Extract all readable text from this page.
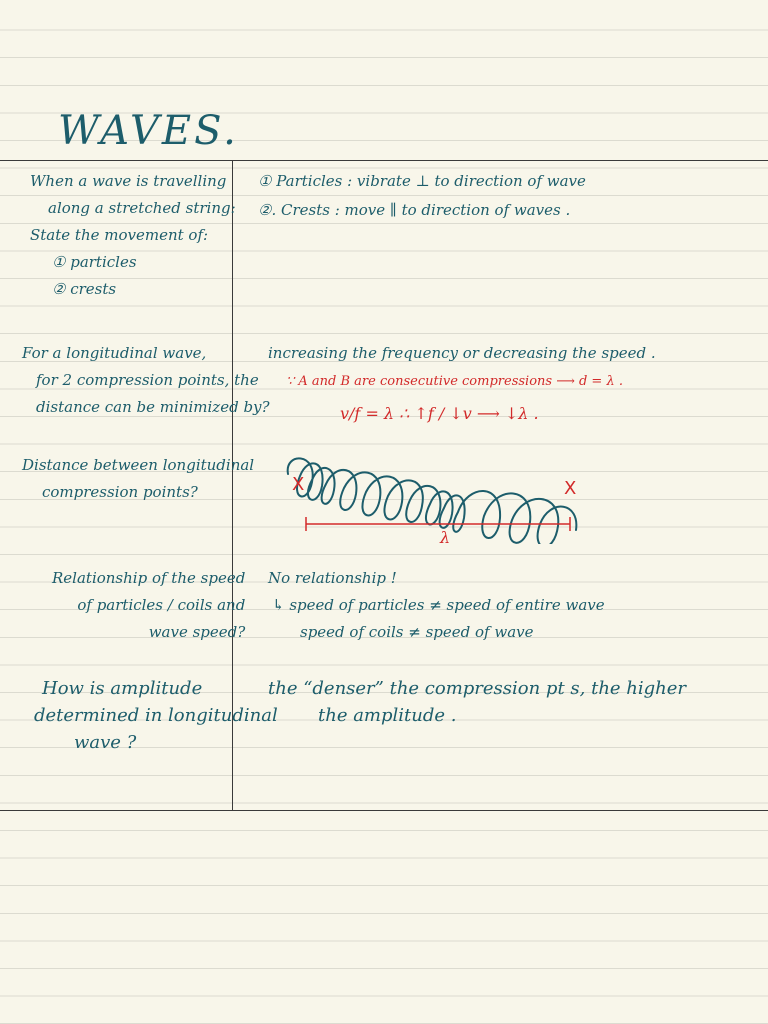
WAVES.
When a wave is travelling
along a stretched string:
State the movement of:
① particles
② crests
① Particles : vibrate ⊥ to direction of wave
②. Crests : move ∥ to direction of waves .
For a longitudinal wave,
for 2 compression points, the
distance can be minimized by?
increasing the frequency or decreasing the speed .
∵ A and B are consecutive compressions ⟶ d = λ .
v/f = λ ∴ ↑f / ↓v ⟶ ↓λ .
Distance between longitudinal
compression points?	X	X
λ
Relationship of the speed
of particles / coils and
wave speed?
No relationship !
↳ speed of particles ≠ speed of entire wave
speed of coils ≠ speed of wave
How is amplitude
determined in longitudinal
wave ?
the “denser” the compression pt s, the higher
the amplitude .
